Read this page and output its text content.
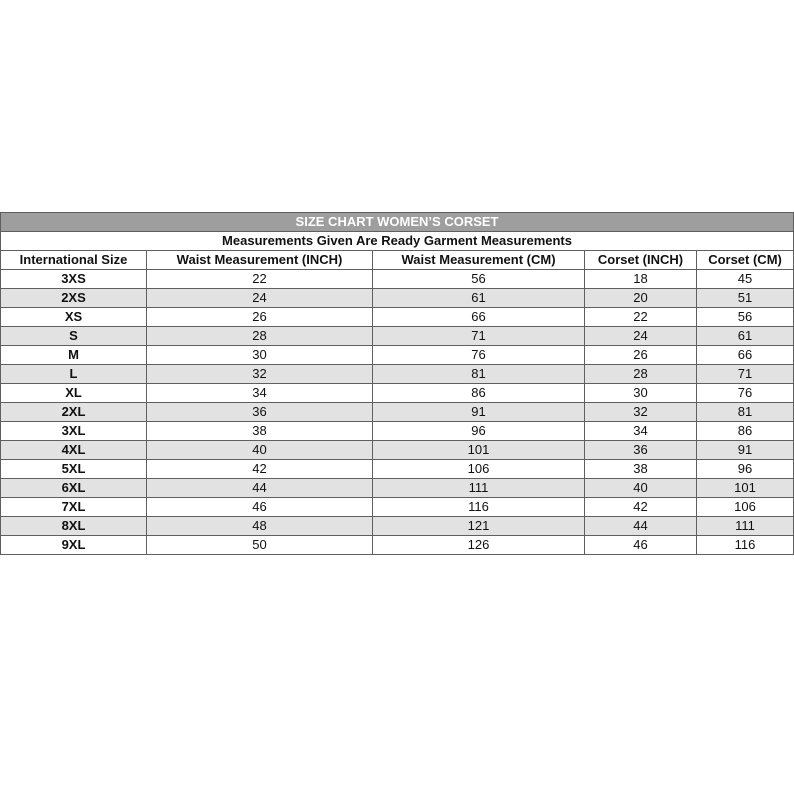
SIZE CHART WOMEN’S CORSET				
Measurements Given Are Ready Garment Measurements				
International Size	Waist Measurement (INCH)	Waist Measurement (CM)	Corset (INCH)	Corset (CM)
3XS	22	56	18	45
2XS	24	61	20	51
XS	26	66	22	56
S	28	71	24	61
M	30	76	26	66
L	32	81	28	71
XL	34	86	30	76
2XL	36	91	32	81
3XL	38	96	34	86
4XL	40	101	36	91
5XL	42	106	38	96
6XL	44	111	40	101
7XL	46	116	42	106
8XL	48	121	44	111
9XL	50	126	46	116
